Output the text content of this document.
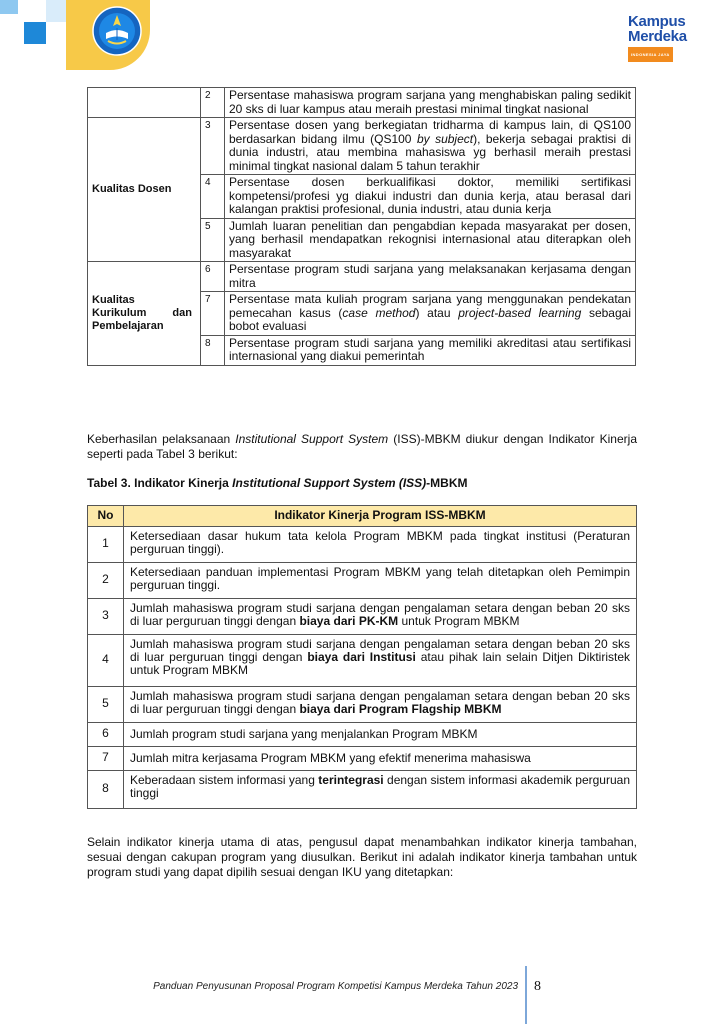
Kampus
Merdeka
INDONESIA JAYA
	2	Persentase mahasiswa program sarjana yang menghabiskan paling sedikit 20 sks di luar kampus atau meraih prestasi minimal tingkat nasional
Kualitas Dosen	3	Persentase dosen yang berkegiatan tridharma di kampus lain, di QS100 berdasarkan bidang ilmu (QS100 by subject), bekerja sebagai praktisi di dunia industri, atau membina mahasiswa yg berhasil meraih prestasi minimal tingkat nasional dalam 5 tahun terakhir
	4	Persentase dosen berkualifikasi doktor, memiliki sertifikasi kompetensi/profesi yg diakui industri dan dunia kerja, atau berasal dari kalangan praktisi profesional, dunia industri, atau dunia kerja
	5	Jumlah luaran penelitian dan pengabdian kepada masyarakat per dosen, yang berhasil mendapatkan rekognisi internasional atau diterapkan oleh masyarakat

Kualitas Kurikulum dan Pembelajaran	6	Persentase program studi sarjana yang melaksanakan kerjasama dengan mitra
	7	Persentase mata kuliah program sarjana yang menggunakan pendekatan pemecahan kasus (case method) atau project-based learning sebagai bobot evaluasi
	8	Persentase program studi sarjana yang memiliki akreditasi atau sertifikasi internasional yang diakui pemerintah

Keberhasilan pelaksanaan Institutional Support System (ISS)-MBKM diukur dengan Indikator Kinerja seperti pada Tabel 3 berikut:

Tabel 3. Indikator Kinerja Institutional Support System (ISS)-MBKM
No	Indikator Kinerja Program ISS-MBKM
1	Ketersediaan dasar hukum tata kelola Program MBKM pada tingkat institusi (Peraturan perguruan tinggi).
2	Ketersediaan panduan implementasi Program MBKM yang telah ditetapkan oleh Pemimpin perguruan tinggi.
3	Jumlah mahasiswa program studi sarjana dengan pengalaman setara dengan beban 20 sks di luar perguruan tinggi dengan biaya dari PK-KM untuk Program MBKM
4	Jumlah mahasiswa program studi sarjana dengan pengalaman setara dengan beban 20 sks di luar perguruan tinggi dengan biaya dari Institusi atau pihak lain selain Ditjen Diktiristek untuk Program MBKM
5	Jumlah mahasiswa program studi sarjana dengan pengalaman setara dengan beban 20 sks di luar perguruan tinggi dengan biaya dari Program Flagship MBKM
6	Jumlah program studi sarjana yang menjalankan Program MBKM
7	Jumlah mitra kerjasama Program MBKM yang efektif menerima mahasiswa
8	Keberadaan sistem informasi yang terintegrasi dengan sistem informasi akademik perguruan tinggi

Selain indikator kinerja utama di atas, pengusul dapat menambahkan indikator kinerja tambahan, sesuai dengan cakupan program yang diusulkan. Berikut ini adalah indikator kinerja tambahan untuk program studi yang dapat dipilih sesuai dengan IKU yang ditetapkan:

Panduan Penyusunan Proposal Program Kompetisi Kampus Merdeka Tahun 2023 8
